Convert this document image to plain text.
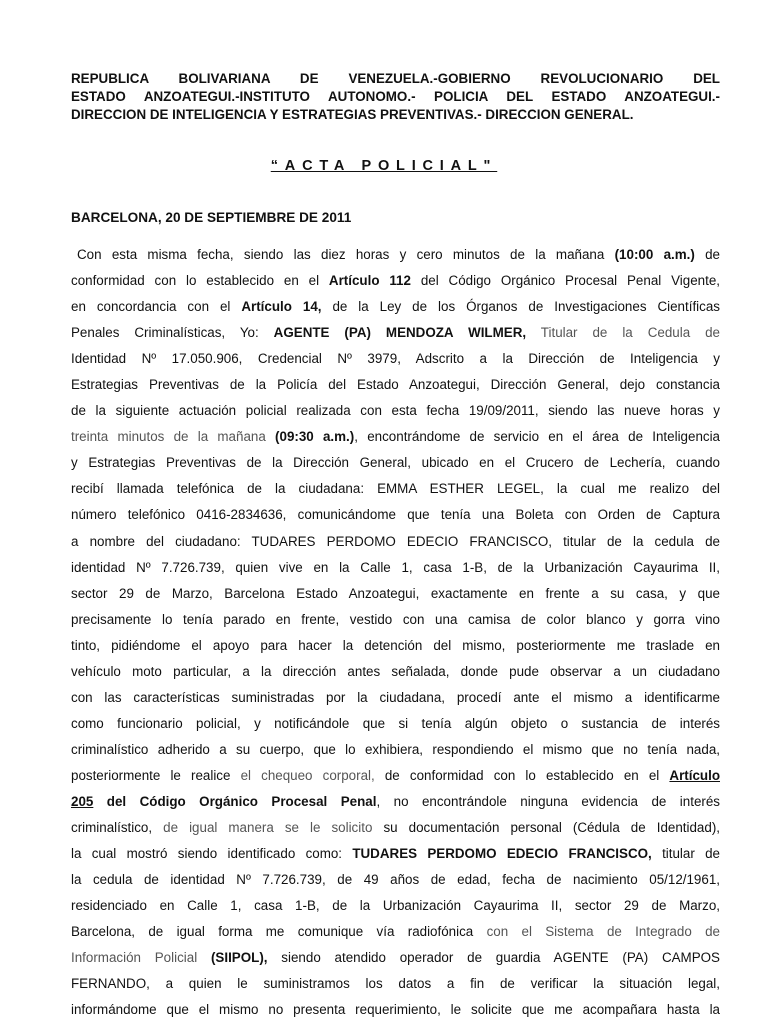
REPUBLICA BOLIVARIANA DE VENEZUELA.-GOBIERNO REVOLUCIONARIO DEL
ESTADO ANZOATEGUI.-INSTITUTO AUTONOMO.- POLICIA DEL ESTADO ANZOATEGUI.-
DIRECCION DE INTELIGENCIA Y ESTRATEGIAS PREVENTIVAS.- DIRECCION GENERAL.
“ACTA POLICIAL"
BARCELONA, 20 DE SEPTIEMBRE DE 2011
Con esta misma fecha, siendo las diez horas y cero minutos de la mañana (10:00 a.m.) de
conformidad con lo establecido en el Artículo 112 del Código Orgánico Procesal Penal Vigente,
en concordancia con el Artículo 14, de la Ley de los Órganos de Investigaciones Científicas
Penales Criminalísticas, Yo: AGENTE (PA) MENDOZA WILMER, Titular de la Cedula de
Identidad Nº 17.050.906, Credencial Nº 3979, Adscrito a la Dirección de Inteligencia y
Estrategias Preventivas de la Policía del Estado Anzoategui, Dirección General, dejo constancia
de la siguiente actuación policial realizada con esta fecha 19/09/2011, siendo las nueve horas y
treinta minutos de la mañana (09:30 a.m.), encontrándome de servicio en el área de Inteligencia
y Estrategias Preventivas de la Dirección General, ubicado en el Crucero de Lechería, cuando
recibí llamada telefónica de la ciudadana: EMMA ESTHER LEGEL, la cual me realizo del
número telefónico 0416-2834636, comunicándome que tenía una Boleta con Orden de Captura
a nombre del ciudadano: TUDARES PERDOMO EDECIO FRANCISCO, titular de la cedula de
identidad Nº 7.726.739, quien vive en la Calle 1, casa 1-B, de la Urbanización Cayaurima II,
sector 29 de Marzo, Barcelona Estado Anzoategui, exactamente en frente a su casa, y que
precisamente lo tenía parado en frente, vestido con una camisa de color blanco y gorra vino
tinto, pidiéndome el apoyo para hacer la detención del mismo, posteriormente me traslade en
vehículo moto particular, a la dirección antes señalada, donde pude observar a un ciudadano
con las características suministradas por la ciudadana, procedí ante el mismo a identificarme
como funcionario policial, y notificándole que si tenía algún objeto o sustancia de interés
criminalístico adherido a su cuerpo, que lo exhibiera, respondiendo el mismo que no tenía nada,
posteriormente le realice el chequeo corporal, de conformidad con lo establecido en el Artículo
205 del Código Orgánico Procesal Penal, no encontrándole ninguna evidencia de interés
criminalístico, de igual manera se le solicito su documentación personal (Cédula de Identidad),
la cual mostró siendo identificado como: TUDARES PERDOMO EDECIO FRANCISCO, titular de
la cedula de identidad Nº 7.726.739, de 49 años de edad, fecha de nacimiento 05/12/1961,
residenciado en Calle 1, casa 1-B, de la Urbanización Cayaurima II, sector 29 de Marzo,
Barcelona, de igual forma me comunique vía radiofónica con el Sistema de Integrado de
Información Policial (SIIPOL), siendo atendido operador de guardia AGENTE (PA) CAMPOS
FERNANDO, a quien le suministramos los datos a fin de verificar la situación legal,
informándome que el mismo no presenta requerimiento, le solicite que me acompañara hasta la
